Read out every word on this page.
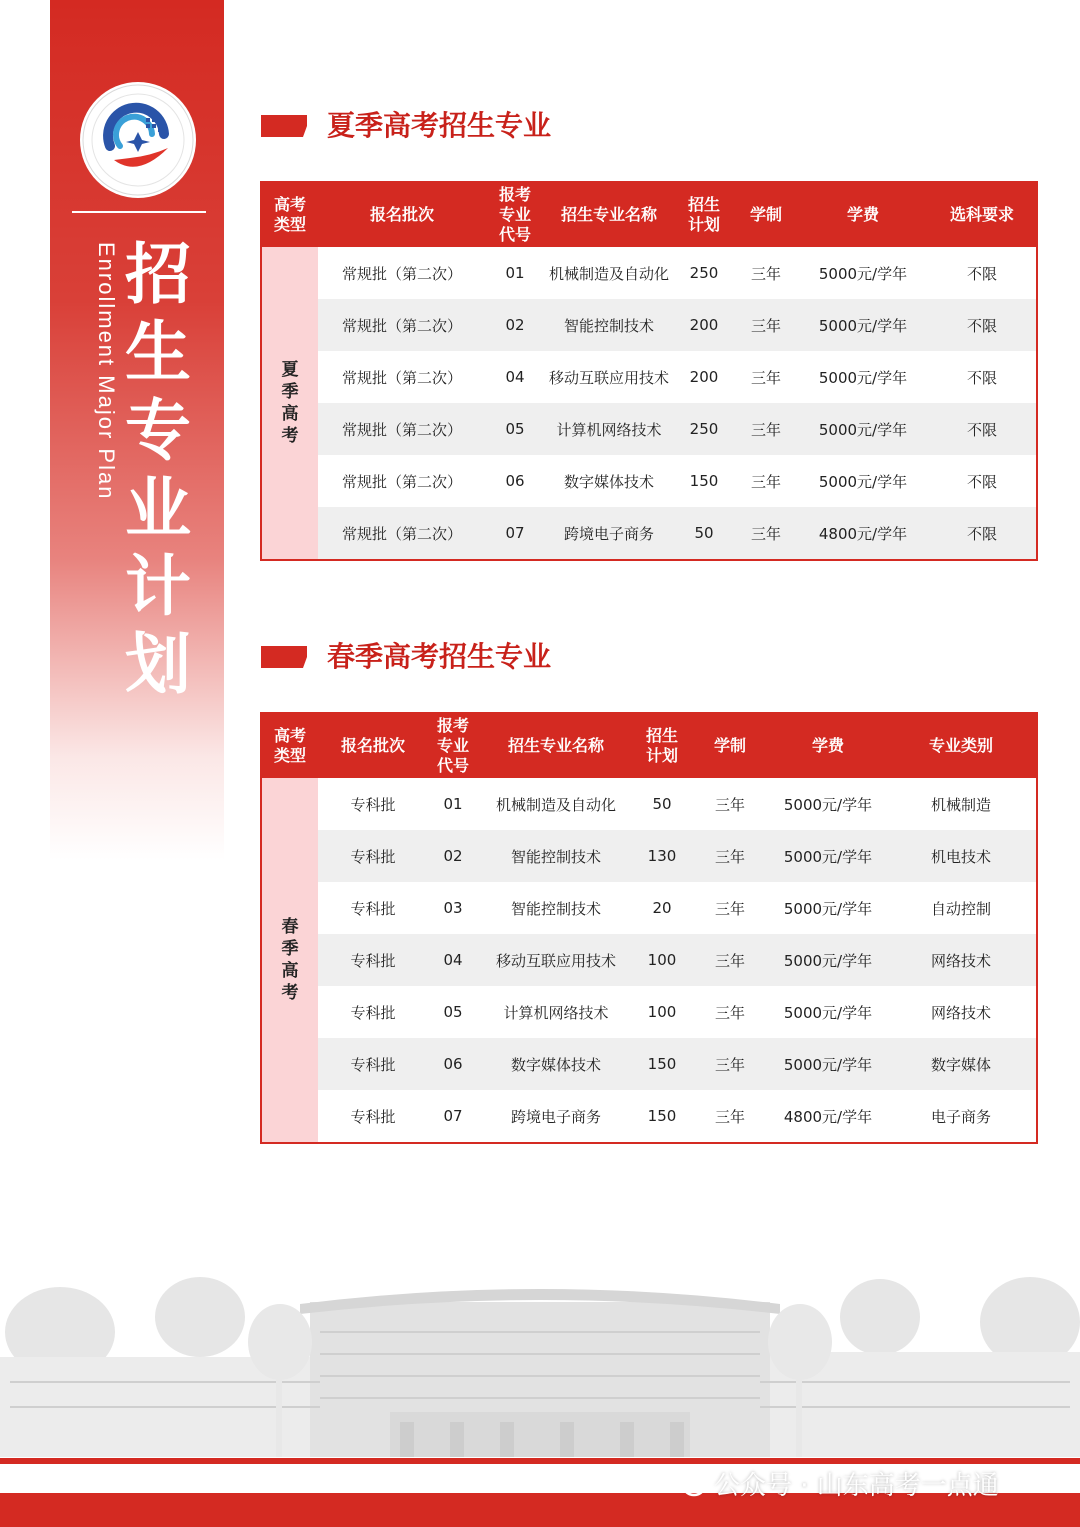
Enrollment Major Plan 招
生
专
业
计
划
夏季高考招生专业
高考
类型	报名批次	报考
专业
代号	招生专业名称	招生
计划	学制	学费	选科要求

夏
季
高
考	常规批（第二次）	01	机械制造及自动化	250	三年	5000元/学年	不限
	常规批（第二次）	02	智能控制技术	200	三年	5000元/学年	不限
	常规批（第二次）	04	移动互联应用技术	200	三年	5000元/学年	不限
	常规批（第二次）	05	计算机网络技术	250	三年	5000元/学年	不限
	常规批（第二次）	06	数字媒体技术	150	三年	5000元/学年	不限
	常规批（第二次）	07	跨境电子商务	50	三年	4800元/学年	不限
春季高考招生专业
高考
类型	报名批次	报考
专业
代号	招生专业名称	招生
计划	学制	学费	专业类别

春
季
高
考	专科批	01	机械制造及自动化	50	三年	5000元/学年	机械制造
	专科批	02	智能控制技术	130	三年	5000元/学年	机电技术
	专科批	03	智能控制技术	20	三年	5000元/学年	自动控制
	专科批	04	移动互联应用技术	100	三年	5000元/学年	网络技术
	专科批	05	计算机网络技术	100	三年	5000元/学年	网络技术
	专科批	06	数字媒体技术	150	三年	5000元/学年	数字媒体
	专科批	07	跨境电子商务	150	三年	4800元/学年	电子商务
公众号 · 山东高考一点通
